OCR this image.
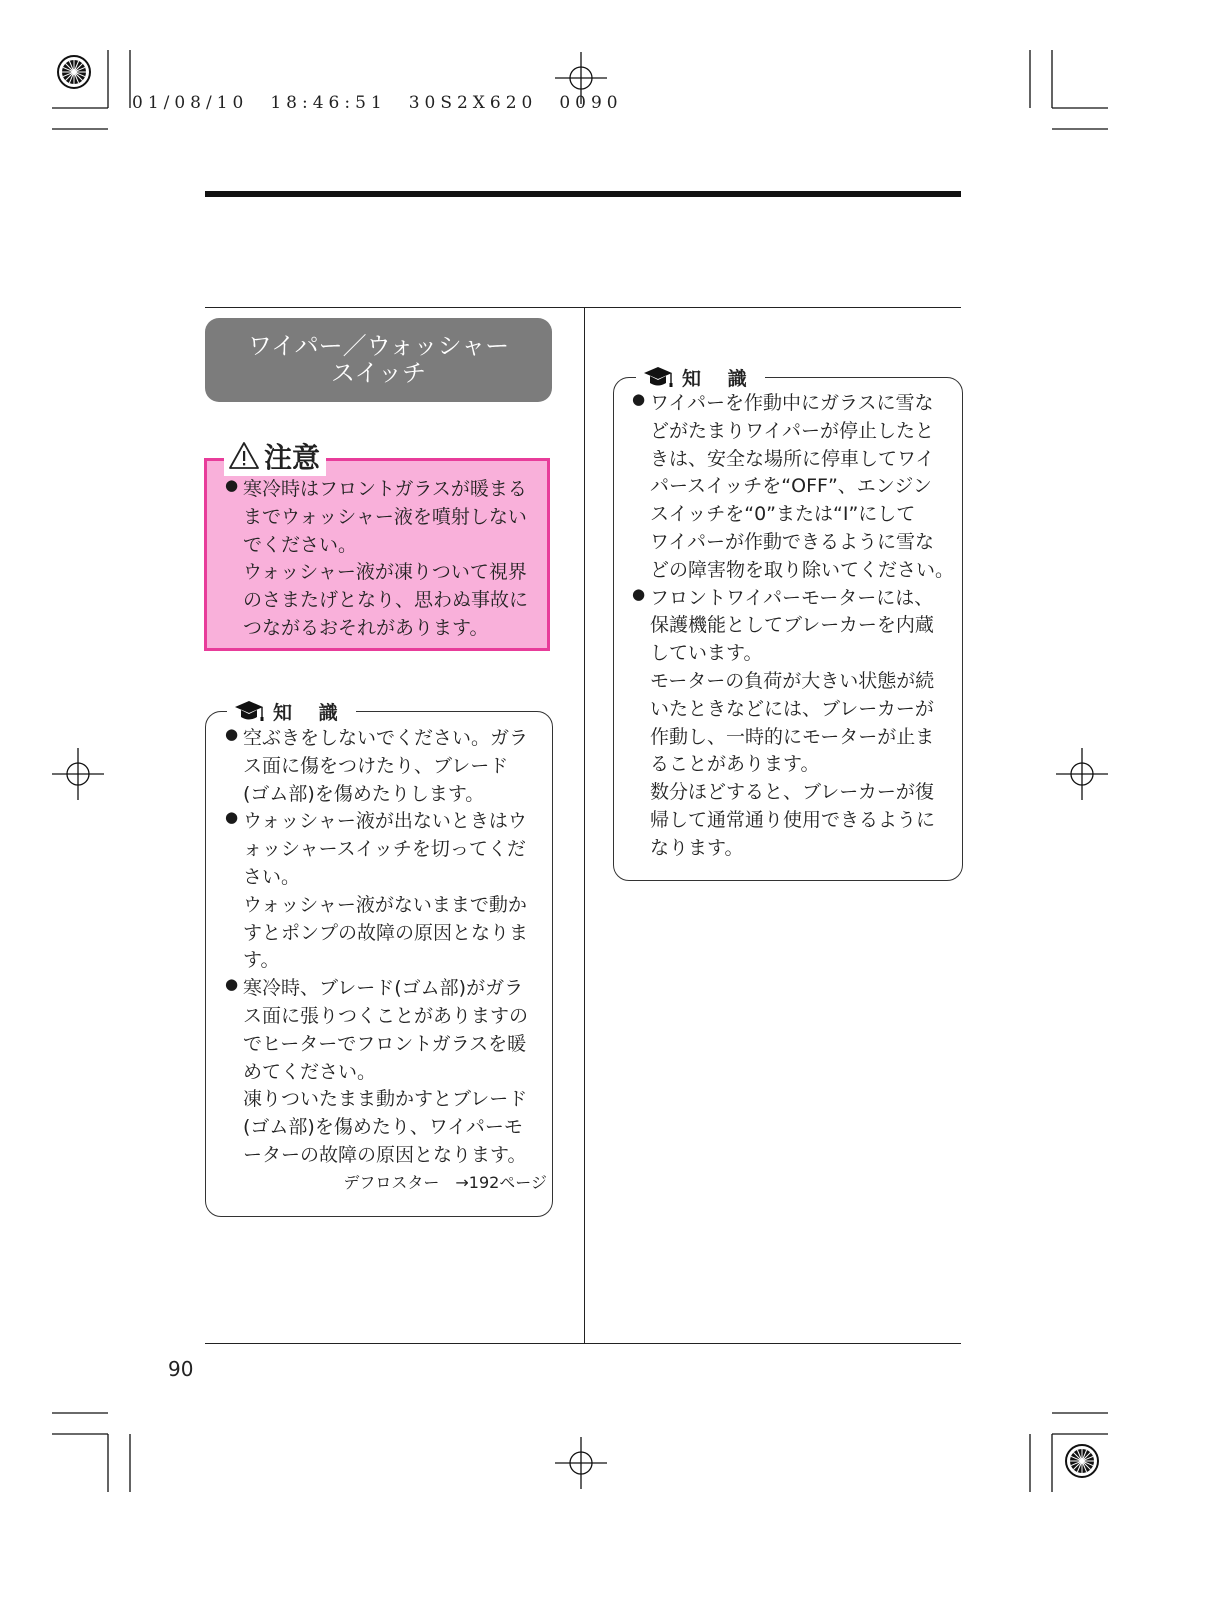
01/08/10　18:46:51　30S2X620　0090
ワイパー／ウォッシャー
スイッチ
注意

● 寒冷時はフロントガラスが暖まる
までウォッシャー液を噴射しない
でください。

ウォッシャー液が凍りついて視界
のさまたげとなり、思わぬ事故に
つながるおそれがあります。

知 識

● 空ぶきをしないでください。ガラ
ス面に傷をつけたり、ブレード
(ゴム部)を傷めたりします。

● ウォッシャー液が出ないときはウ
ォッシャースイッチを切ってくだ
さい。

ウォッシャー液がないままで動か
すとポンプの故障の原因となりま
す。

● 寒冷時、ブレード(ゴム部)がガラ
ス面に張りつくことがありますの
でヒーターでフロントガラスを暖
めてください。

凍りついたまま動かすとブレード
(ゴム部)を傷めたり、ワイパーモ
ーターの故障の原因となります。

デフロスター　→192ページ

知 識

● ワイパーを作動中にガラスに雪な
どがたまりワイパーが停止したと
きは、安全な場所に停車してワイ
パースイッチを“OFF”、エンジン
スイッチを“0”または“I”にして
ワイパーが作動できるように雪な
どの障害物を取り除いてください。

● フロントワイパーモーターには、
保護機能としてブレーカーを内蔵
しています。

モーターの負荷が大きい状態が続
いたときなどには、ブレーカーが
作動し、一時的にモーターが止ま
ることがあります。

数分ほどすると、ブレーカーが復
帰して通常通り使用できるように
なります。

90
